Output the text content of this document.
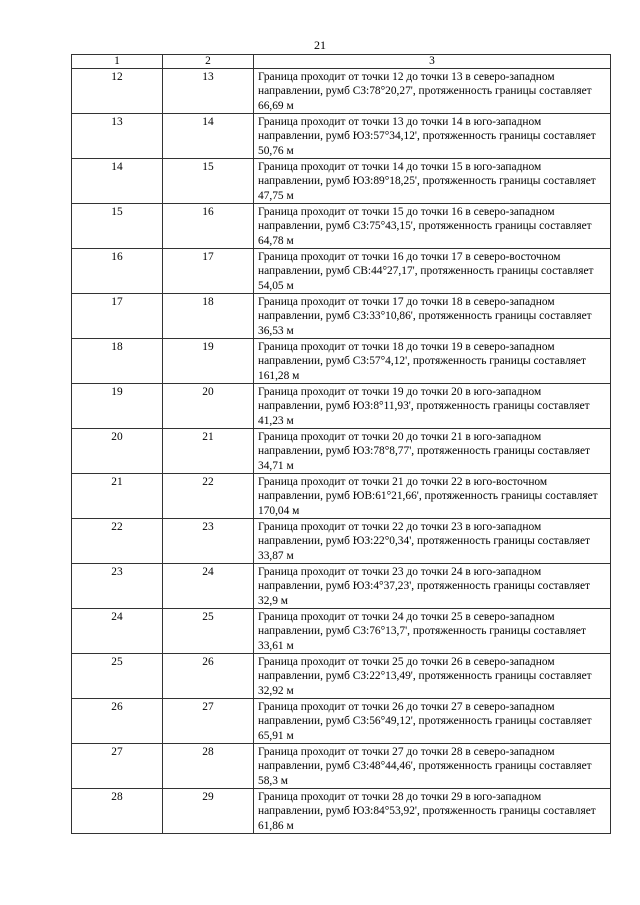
21
1	2	3
12	13	Граница проходит от точки 12 до точки 13 в северо-западном направлении, румб СЗ:78°20,27', протяженность границы составляет 66,69 м
13	14	Граница проходит от точки 13 до точки 14 в юго-западном направлении, румб ЮЗ:57°34,12', протяженность границы составляет 50,76 м
14	15	Граница проходит от точки 14 до точки 15 в юго-западном направлении, румб ЮЗ:89°18,25', протяженность границы составляет 47,75 м
15	16	Граница проходит от точки 15 до точки 16 в северо-западном направлении, румб СЗ:75°43,15', протяженность границы составляет 64,78 м
16	17	Граница проходит от точки 16 до точки 17 в северо-восточном направлении, румб СВ:44°27,17', протяженность границы составляет 54,05 м
17	18	Граница проходит от точки 17 до точки 18 в северо-западном направлении, румб СЗ:33°10,86', протяженность границы составляет 36,53 м
18	19	Граница проходит от точки 18 до точки 19 в северо-западном направлении, румб СЗ:57°4,12', протяженность границы составляет 161,28 м
19	20	Граница проходит от точки 19 до точки 20 в юго-западном направлении, румб ЮЗ:8°11,93', протяженность границы составляет 41,23 м
20	21	Граница проходит от точки 20 до точки 21 в юго-западном направлении, румб ЮЗ:78°8,77', протяженность границы составляет 34,71 м
21	22	Граница проходит от точки 21 до точки 22 в юго-восточном направлении, румб ЮВ:61°21,66', протяженность границы составляет 170,04 м
22	23	Граница проходит от точки 22 до точки 23 в юго-западном направлении, румб ЮЗ:22°0,34', протяженность границы составляет 33,87 м
23	24	Граница проходит от точки 23 до точки 24 в юго-западном направлении, румб ЮЗ:4°37,23', протяженность границы составляет 32,9 м
24	25	Граница проходит от точки 24 до точки 25 в северо-западном направлении, румб СЗ:76°13,7', протяженность границы составляет 33,61 м
25	26	Граница проходит от точки 25 до точки 26 в северо-западном направлении, румб СЗ:22°13,49', протяженность границы составляет 32,92 м
26	27	Граница проходит от точки 26 до точки 27 в северо-западном направлении, румб СЗ:56°49,12', протяженность границы составляет 65,91 м
27	28	Граница проходит от точки 27 до точки 28 в северо-западном направлении, румб СЗ:48°44,46', протяженность границы составляет 58,3 м
28	29	Граница проходит от точки 28 до точки 29 в юго-западном направлении, румб ЮЗ:84°53,92', протяженность границы составляет 61,86 м
